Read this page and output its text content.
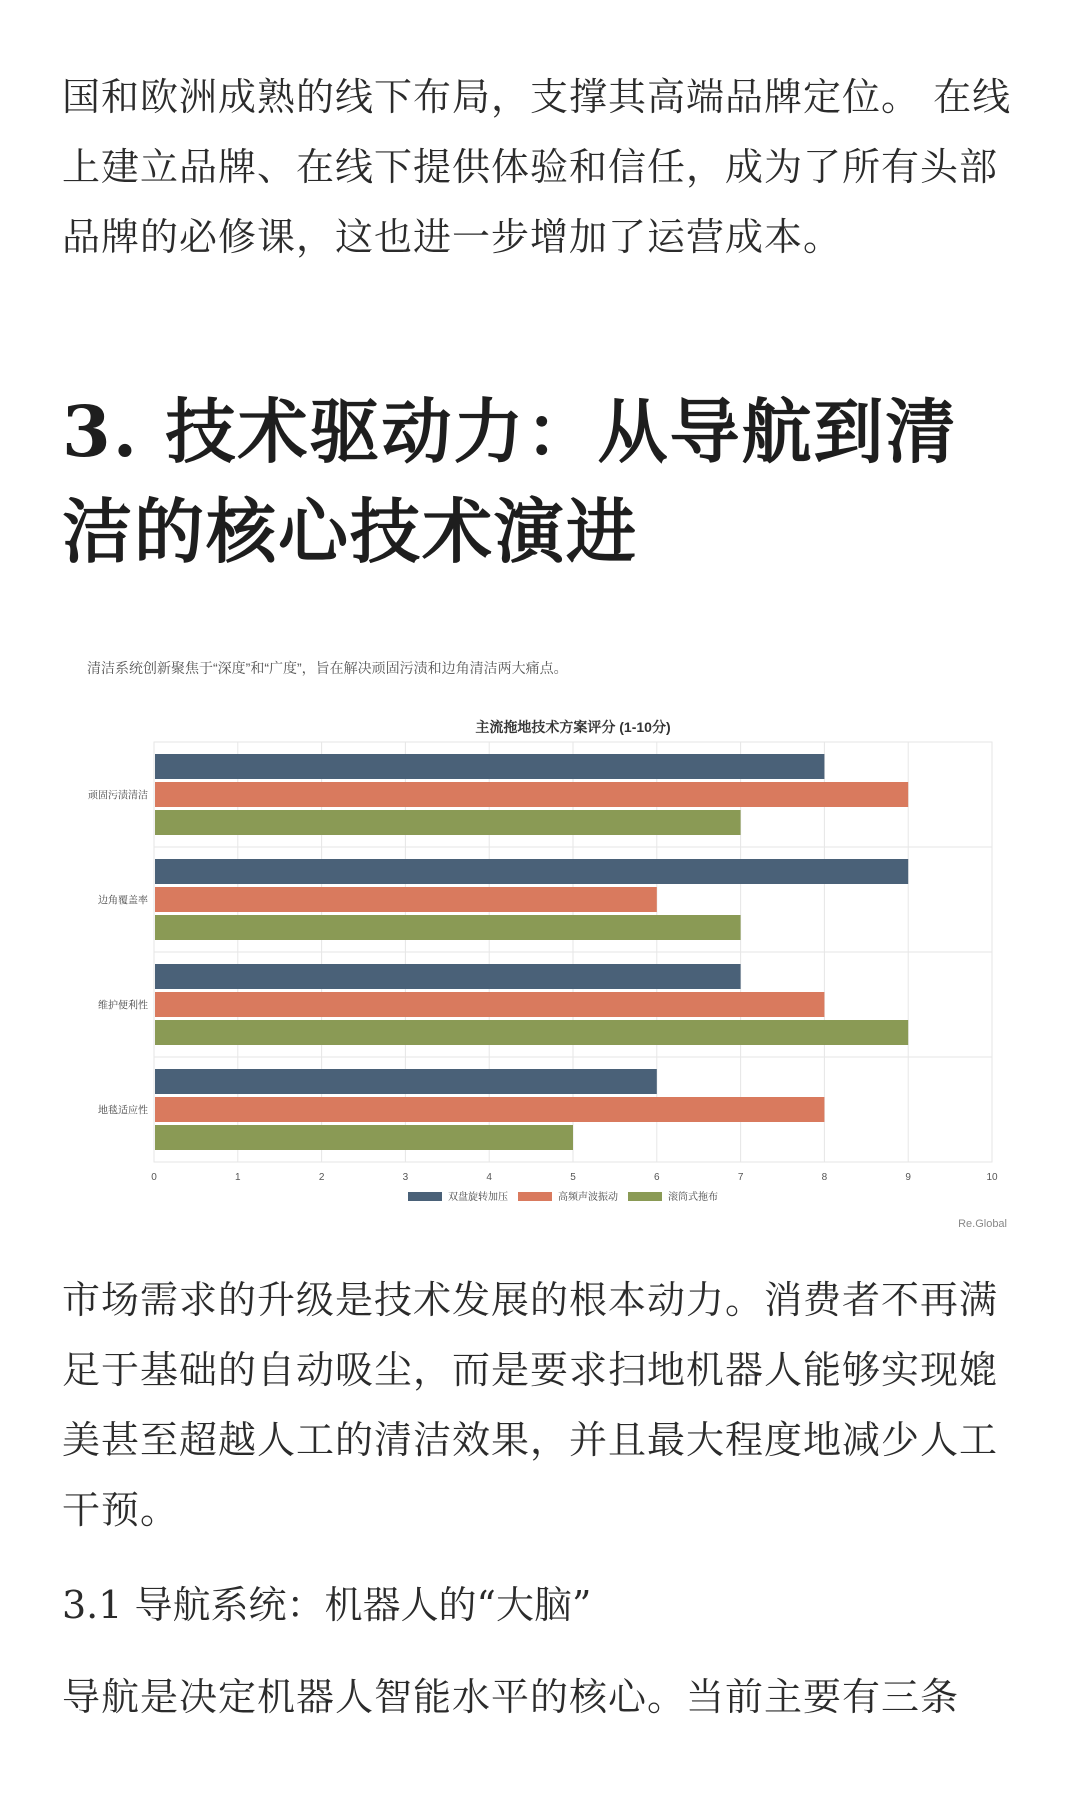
国和欧洲成熟的线下布局，支撑其高端品牌定位。 在线上建立品牌、在线下提供体验和信任，成为了所有头部品牌的必修课，这也进一步增加了运营成本。

3. 技术驱动力：从导航到清洁的核心技术演进
主流拖地技术方案评分 (1-10分)
0	1	2	3	4	5	6	7	8	9	10
顽固污渍清洁
边角覆盖率
维护便利性
地毯适应性
双盘旋转加压	高频声波振动	滚筒式拖布

清洁系统创新聚焦于“深度”和“广度”，旨在解决顽固污渍和边角清洁两大痛点。

Re.Global

市场需求的升级是技术发展的根本动力。消费者不再满足于基础的自动吸尘，而是要求扫地机器人能够实现媲美甚至超越人工的清洁效果，并且最大程度地减少人工干预。

3.1 导航系统：机器人的“大脑”

导航是决定机器人智能水平的核心。当前主要有三条
